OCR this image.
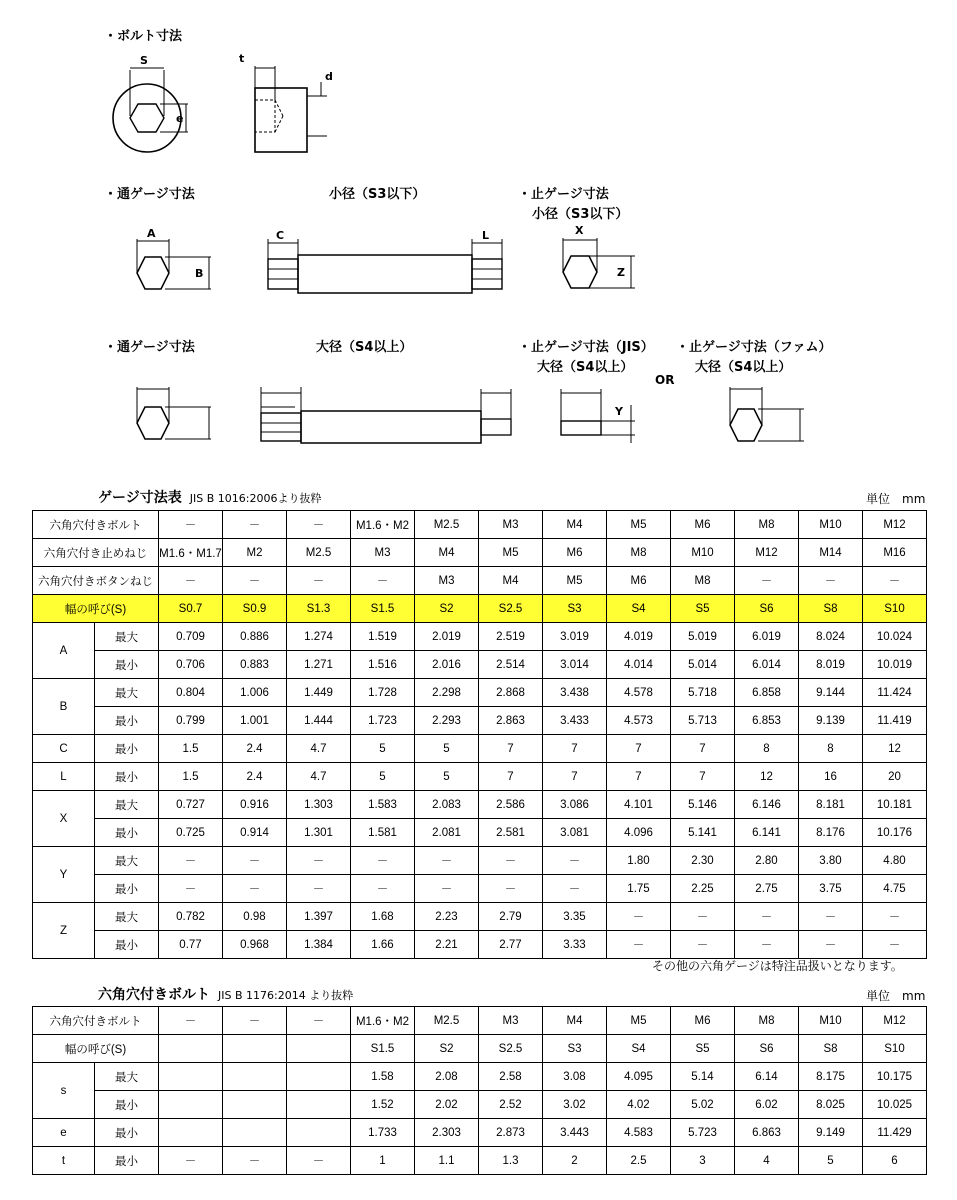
・ボルト寸法
・通ゲージ寸法	小径（S3以下）	・止ゲージ寸法
小径（S3以下）
・通ゲージ寸法	大径（S4以上）	・止ゲージ寸法（JIS）
大径（S4以上）
OR
・止ゲージ寸法（ファム）
大径（S4以上）
S
e
t
d
A
B
C	L	X
Z
Y
ゲージ寸法表 JIS B 1016:2006より抜粋	単位　mm
六角穴付きボルト		－	－	－	M1.6・M2	M2.5	M3	M4	M5	M6	M8	M10	M12
六角穴付き止めねじ		M1.6・M1.7	M2	M2.5	M3	M4	M5	M6	M8	M10	M12	M14	M16
六角穴付きボタンねじ		－	－	－	－	M3	M4	M5	M6	M8	－	－	－
幅の呼び(S)		S0.7	S0.9	S1.3	S1.5	S2	S2.5	S3	S4	S5	S6	S8	S10
A	最大	0.709	0.886	1.274	1.519	2.019	2.519	3.019	4.019	5.019	6.019	8.024	10.024
	最小	0.706	0.883	1.271	1.516	2.016	2.514	3.014	4.014	5.014	6.014	8.019	10.019
B	最大	0.804	1.006	1.449	1.728	2.298	2.868	3.438	4.578	5.718	6.858	9.144	11.424
	最小	0.799	1.001	1.444	1.723	2.293	2.863	3.433	4.573	5.713	6.853	9.139	11.419
C	最小	1.5	2.4	4.7	5	5	7	7	7	7	8	8	12
L	最小	1.5	2.4	4.7	5	5	7	7	7	7	12	16	20
X	最大	0.727	0.916	1.303	1.583	2.083	2.586	3.086	4.101	5.146	6.146	8.181	10.181
	最小	0.725	0.914	1.301	1.581	2.081	2.581	3.081	4.096	5.141	6.141	8.176	10.176
Y	最大	－	－	－	－	－	－	－	1.80	2.30	2.80	3.80	4.80
	最小	－	－	－	－	－	－	－	1.75	2.25	2.75	3.75	4.75
Z	最大	0.782	0.98	1.397	1.68	2.23	2.79	3.35	－	－	－	－	－
	最小	0.77	0.968	1.384	1.66	2.21	2.77	3.33	－	－	－	－	－
その他の六角ゲージは特注品扱いとなります。
六角穴付きボルト JIS B 1176:2014 より抜粋	単位　mm
六角穴付きボルト		－	－	－	M1.6・M2	M2.5	M3	M4	M5	M6	M8	M10	M12
幅の呼び(S)					S1.5	S2	S2.5	S3	S4	S5	S6	S8	S10
s	最大				1.58	2.08	2.58	3.08	4.095	5.14	6.14	8.175	10.175
	最小				1.52	2.02	2.52	3.02	4.02	5.02	6.02	8.025	10.025
e	最小				1.733	2.303	2.873	3.443	4.583	5.723	6.863	9.149	11.429
t	最小	－	－	－	1	1.1	1.3	2	2.5	3	4	5	6
